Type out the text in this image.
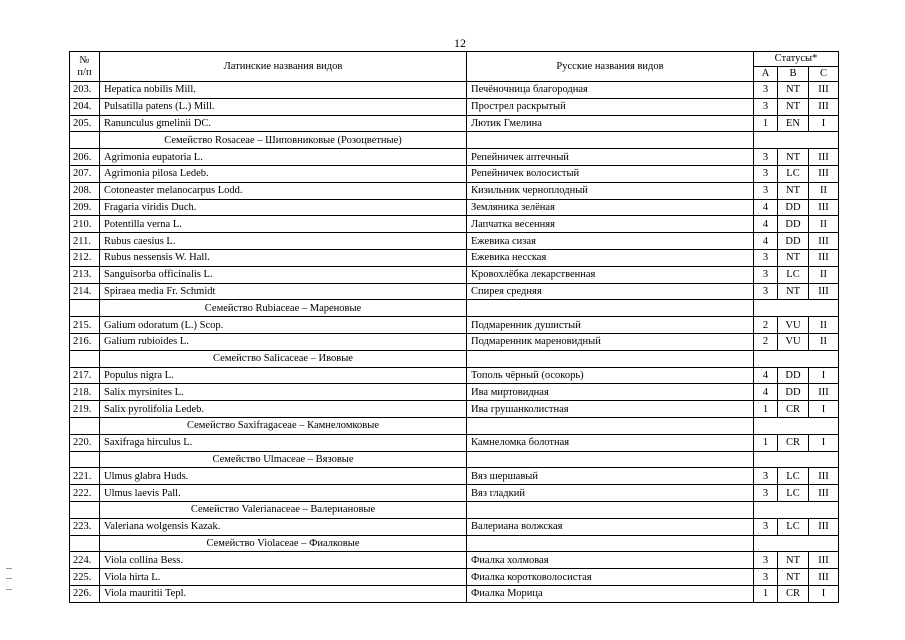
12
№
п/п	Латинские названия видов	Русские названия видов	Статусы*		
			А	В	С
203.	Hepatica nobilis Mill.	Печёночница благородная	3	NT	III
204.	Pulsatilla patens (L.) Mill.	Прострел раскрытый	3	NT	III
205.	Ranunculus gmelinii DC.	Лютик Гмелина	1	EN	I
	Семейство Rosaceae – Шиповниковые (Розоцветные)				
206.	Agrimonia eupatoria L.	Репейничек аптечный	3	NT	III
207.	Agrimonia pilosa Ledeb.	Репейничек волосистый	3	LC	III
208.	Cotoneaster melanocarpus Lodd.	Кизильник черноплодный	3	NT	II
209.	Fragaria viridis Duch.	Земляника зелёная	4	DD	III
210.	Potentilla verna L.	Лапчатка весенняя	4	DD	II
211.	Rubus caesius L.	Ежевика сизая	4	DD	III
212.	Rubus nessensis W. Hall.	Ежевика несская	3	NT	III
213.	Sanguisorba officinalis L.	Кровохлёбка лекарственная	3	LC	II
214.	Spiraea media Fr. Schmidt	Спирея средняя	3	NT	III
	Семейство Rubiaceae – Мареновые				
215.	Galium odoratum (L.) Scop.	Подмаренник душистый	2	VU	II
216.	Galium rubioides L.	Подмаренник мареновидный	2	VU	II
	Семейство Salicaceae – Ивовые				
217.	Populus nigra L.	Тополь чёрный (осокорь)	4	DD	I
218.	Salix myrsinites L.	Ива миртовидная	4	DD	III
219.	Salix pyrolifolia Ledeb.	Ива грушанколистная	1	CR	I
	Семейство Saxifragaceae – Камнеломковые				
220.	Saxifraga hirculus L.	Камнеломка болотная	1	CR	I
	Семейство Ulmaceae – Вязовые				
221.	Ulmus glabra Huds.	Вяз шершавый	3	LC	III
222.	Ulmus laevis Pall.	Вяз гладкий	3	LC	III
	Семейство Valerianaceae – Валериановые				
223.	Valeriana wolgensis Kazak.	Валериана волжская	3	LC	III
	Семейство Violaceae – Фиалковые				
224.	Viola collina Bess.	Фиалка холмовая	3	NT	III
225.	Viola hirta L.	Фиалка коротковолосистая	3	NT	III
226.	Viola mauritii Tepl.	Фиалка Морица	1	CR	I
